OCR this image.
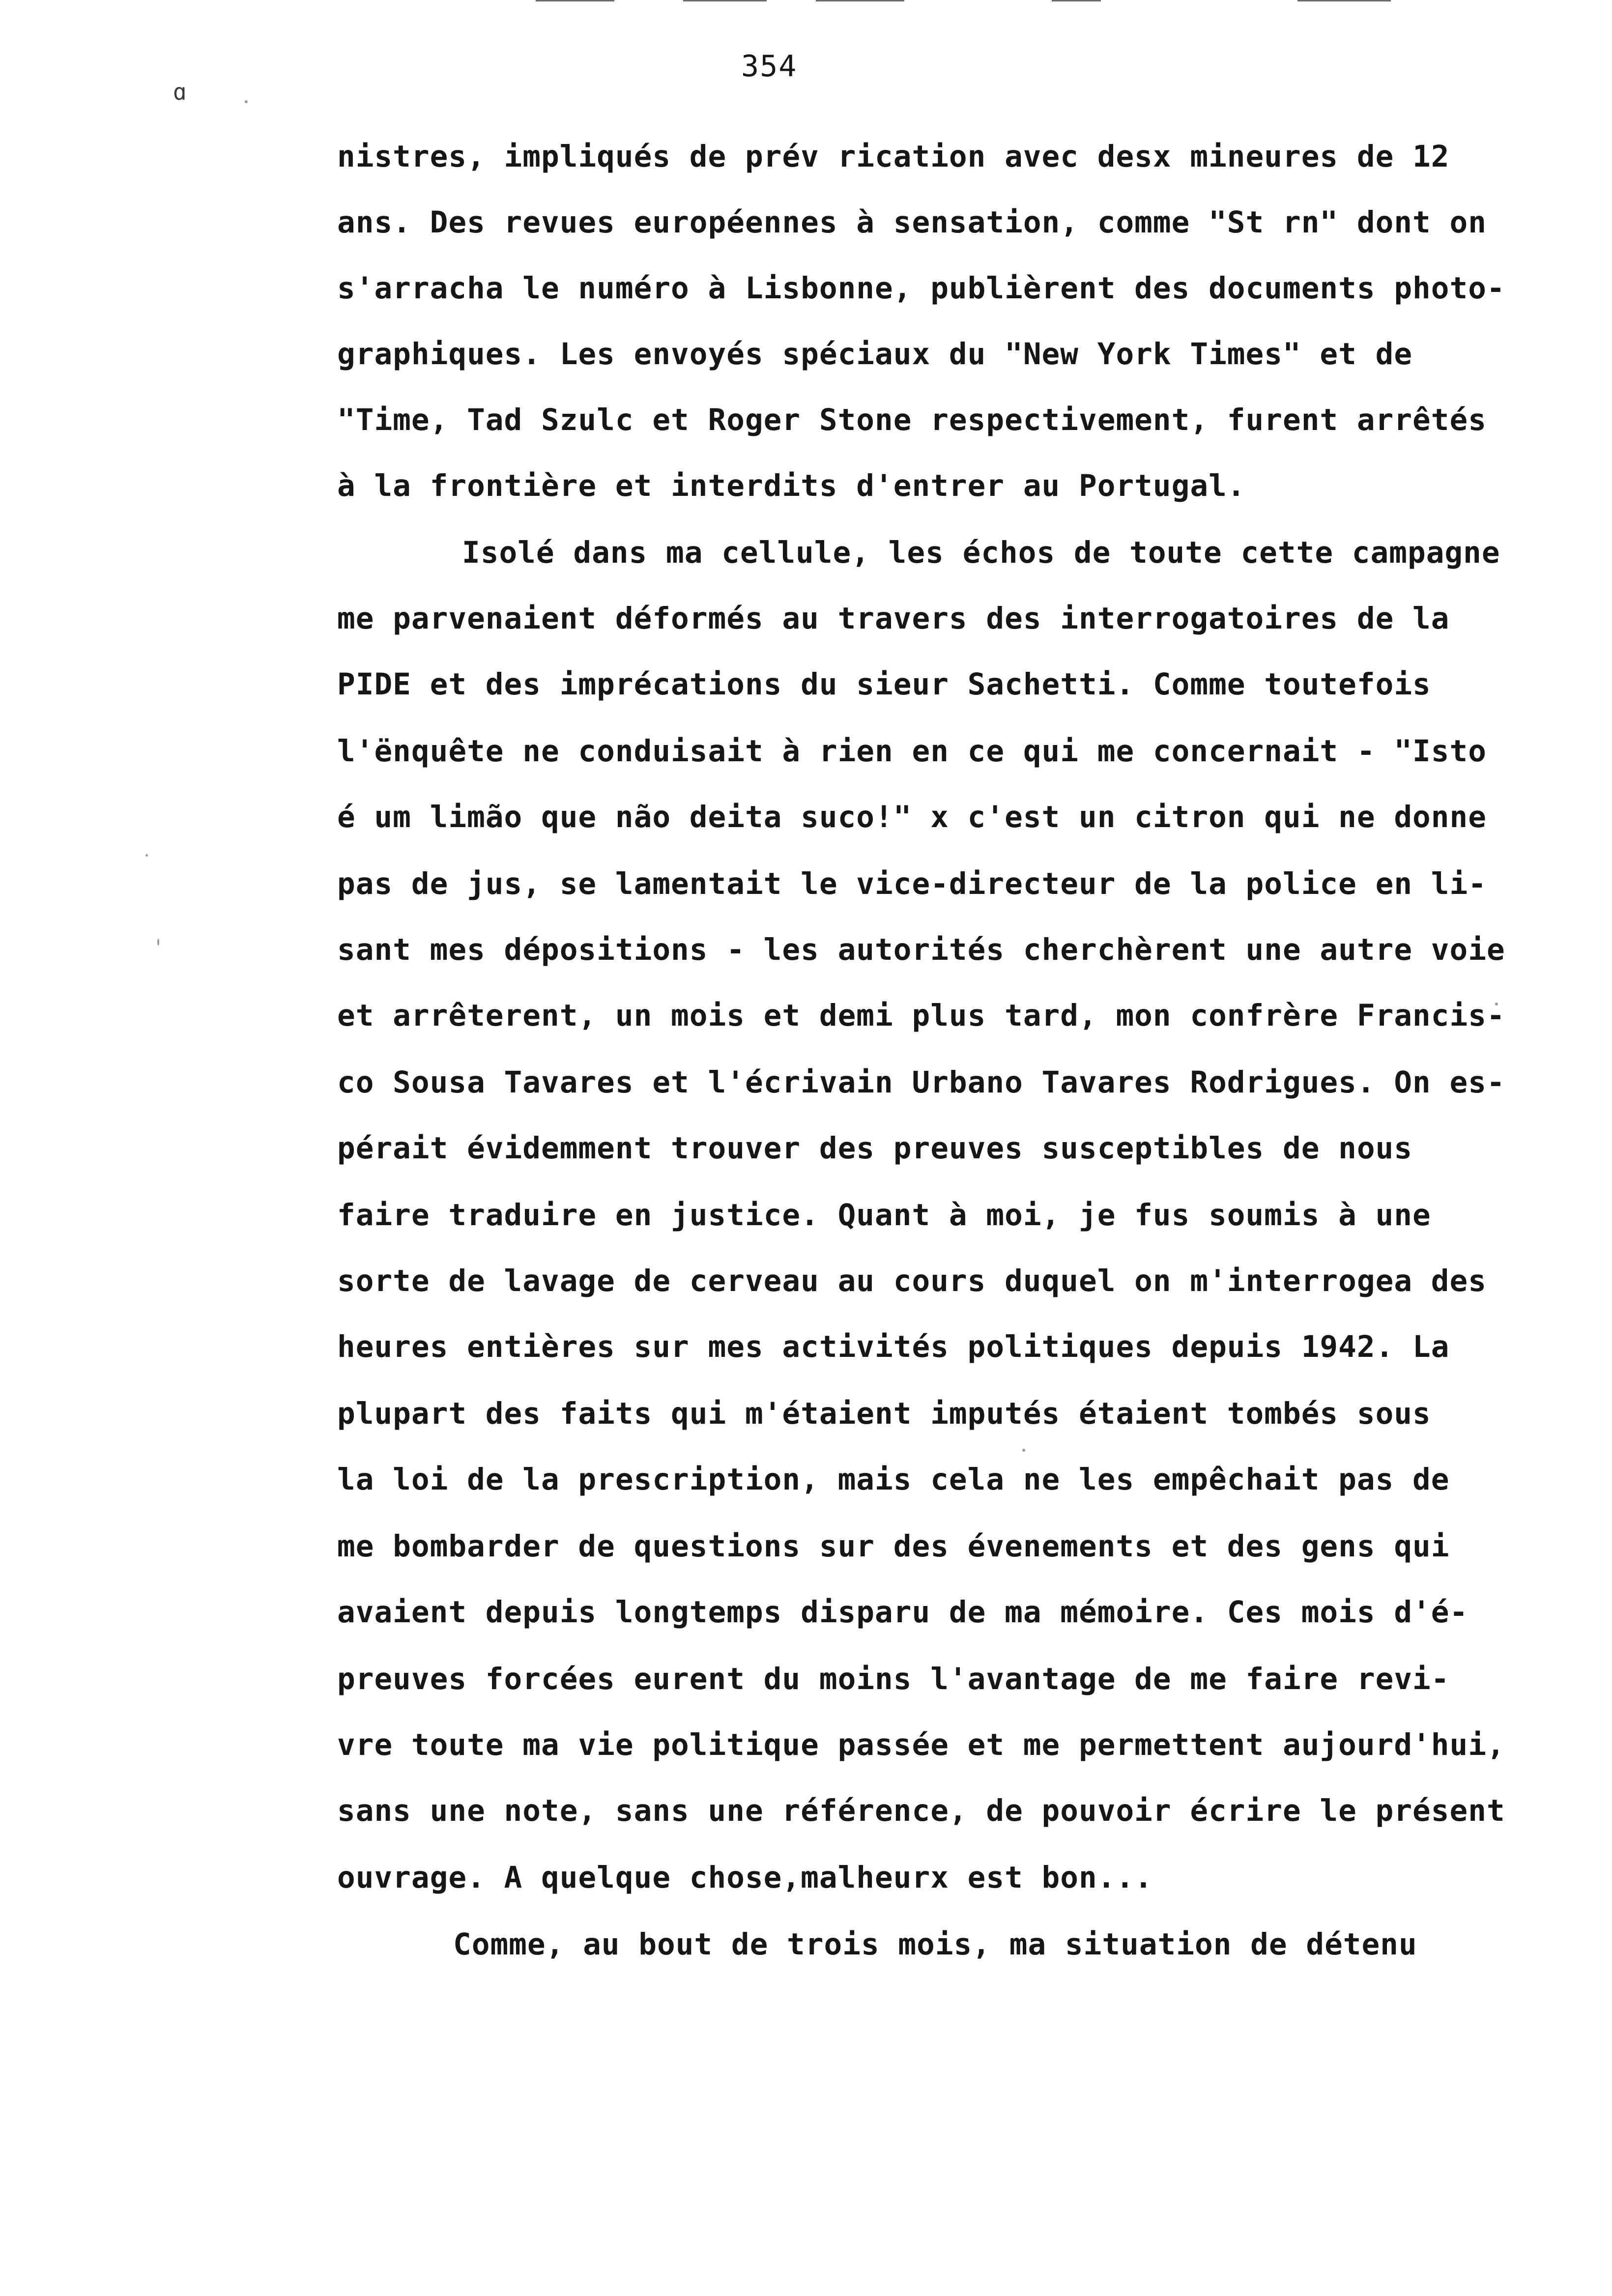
354
ɑ
nistres, impliqués de prév rication avec desx mineures de 12
ans. Des revues européennes à sensation, comme "St rn" dont on
s'arracha le numéro à Lisbonne, publièrent des documents photo-
graphiques. Les envoyés spéciaux du "New York Times" et de
"Time, Tad Szulc et Roger Stone respectivement, furent arrêtés
à la frontière et interdits d'entrer au Portugal.
Isolé dans ma cellule, les échos de toute cette campagne
me parvenaient déformés au travers des interrogatoires de la
PIDE et des imprécations du sieur Sachetti. Comme toutefois
l'ënquête ne conduisait à rien en ce qui me concernait - "Isto
é um limão que não deita suco!" x c'est un citron qui ne donne
pas de jus, se lamentait le vice-directeur de la police en li-
sant mes dépositions - les autorités cherchèrent une autre voie
et arrêterent, un mois et demi plus tard, mon confrère Francis-
co Sousa Tavares et l'écrivain Urbano Tavares Rodrigues. On es-
pérait évidemment trouver des preuves susceptibles de nous
faire traduire en justice. Quant à moi, je fus soumis à une
sorte de lavage de cerveau au cours duquel on m'interrogea des
heures entières sur mes activités politiques depuis 1942. La
plupart des faits qui m'étaient imputés étaient tombés sous
la loi de la prescription, mais cela ne les empêchait pas de
me bombarder de questions sur des évenements et des gens qui
avaient depuis longtemps disparu de ma mémoire. Ces mois d'é-
preuves forcées eurent du moins l'avantage de me faire revi-
vre toute ma vie politique passée et me permettent aujourd'hui,
sans une note, sans une référence, de pouvoir écrire le présent
ouvrage. A quelque chose,malheurx est bon...
Comme, au bout de trois mois, ma situation de détenu
